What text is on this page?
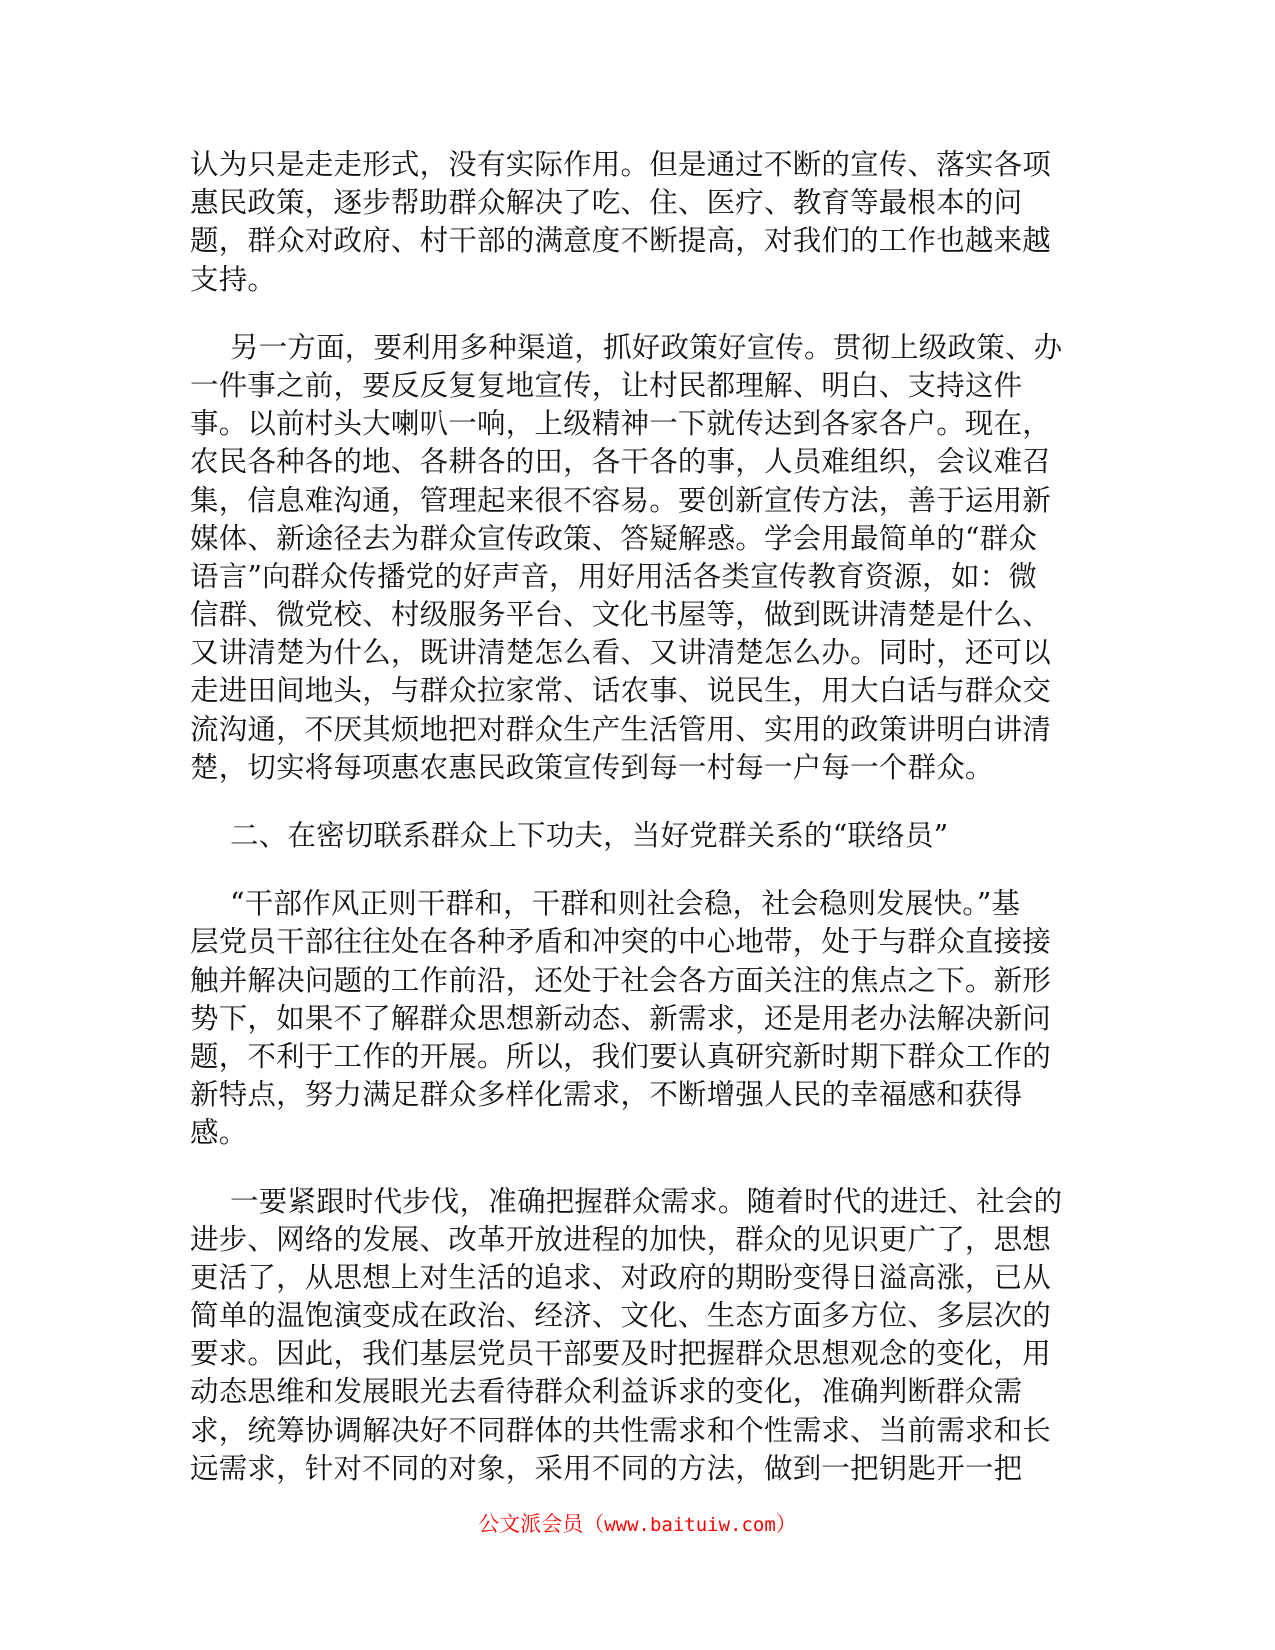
认为只是走走形式，没有实际作用。但是通过不断的宣传、落实各项
惠民政策，逐步帮助群众解决了吃、住、医疗、教育等最根本的问
题，群众对政府、村干部的满意度不断提高，对我们的工作也越来越
支持。
另一方面，要利用多种渠道，抓好政策好宣传。贯彻上级政策、办
一件事之前，要反反复复地宣传，让村民都理解、明白、支持这件
事。以前村头大喇叭一响，上级精神一下就传达到各家各户。现在，
农民各种各的地、各耕各的田，各干各的事，人员难组织，会议难召
集，信息难沟通，管理起来很不容易。要创新宣传方法，善于运用新
媒体、新途径去为群众宣传政策、答疑解惑。学会用最简单的“群众
语言”向群众传播党的好声音，用好用活各类宣传教育资源，如：微
信群、微党校、村级服务平台、文化书屋等，做到既讲清楚是什么、
又讲清楚为什么，既讲清楚怎么看、又讲清楚怎么办。同时，还可以
走进田间地头，与群众拉家常、话农事、说民生，用大白话与群众交
流沟通，不厌其烦地把对群众生产生活管用、实用的政策讲明白讲清
楚，切实将每项惠农惠民政策宣传到每一村每一户每一个群众。
二、在密切联系群众上下功夫，当好党群关系的“联络员”
“干部作风正则干群和，干群和则社会稳，社会稳则发展快。”基
层党员干部往往处在各种矛盾和冲突的中心地带，处于与群众直接接
触并解决问题的工作前沿，还处于社会各方面关注的焦点之下。新形
势下，如果不了解群众思想新动态、新需求，还是用老办法解决新问
题，不利于工作的开展。所以，我们要认真研究新时期下群众工作的
新特点，努力满足群众多样化需求，不断增强人民的幸福感和获得
感。
一要紧跟时代步伐，准确把握群众需求。随着时代的进迁、社会的
进步、网络的发展、改革开放进程的加快，群众的见识更广了，思想
更活了，从思想上对生活的追求、对政府的期盼变得日溢高涨，已从
简单的温饱演变成在政治、经济、文化、生态方面多方位、多层次的
要求。因此，我们基层党员干部要及时把握群众思想观念的变化，用
动态思维和发展眼光去看待群众利益诉求的变化，准确判断群众需
求，统筹协调解决好不同群体的共性需求和个性需求、当前需求和长
远需求，针对不同的对象，采用不同的方法，做到一把钥匙开一把
公文派会员（www.baituiw.com）
